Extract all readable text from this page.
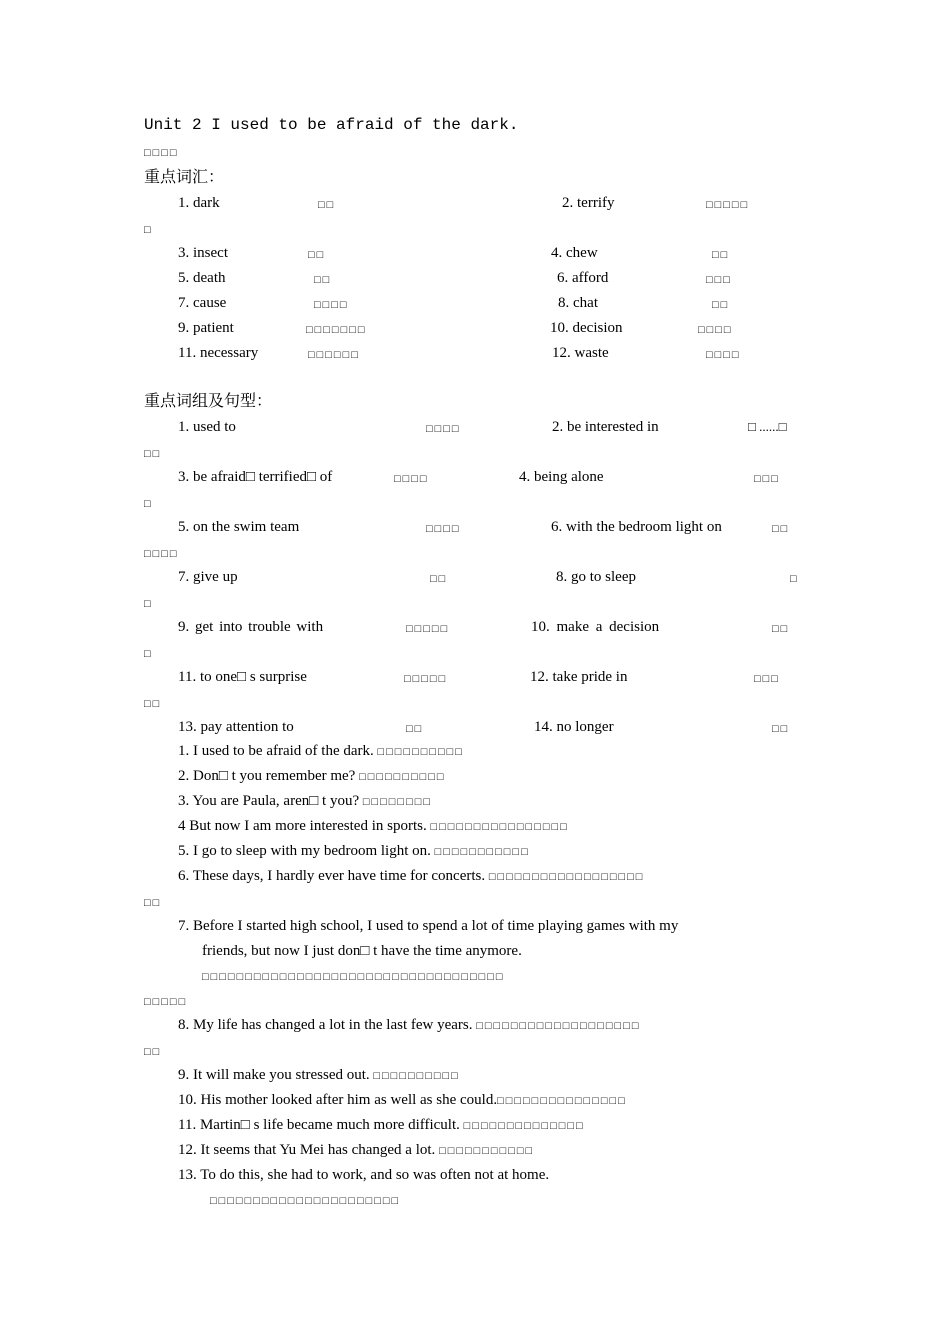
Unit 2 I used to be afraid of the dark.
□□□□
重点词汇：
1. dark	□□	2. terrify	□□□□□
□
3. insect	□□	4. chew	□□
5. death	□□	6. afford	□□□
7. cause	□□□□	8. chat	□□
9. patient	□□□□□□□	10. decision	□□□□
11. necessary	□□□□□□	12. waste	□□□□
重点词组及句型：
1. used to	□□□□	2. be interested in	□ ......□
□□
3. be afraid□ terrified□ of	□□□□	4. being alone	□□□
□
5. on the swim team	□□□□	6. with the bedroom light on	□□
□□□□
7. give up	□□	8. go to sleep	□
□
9. get into trouble with	□□□□□	10. make a decision	□□
□
11. to one□ s surprise	□□□□□	12. take pride in	□□□
□□
13. pay attention to	□□	14. no longer	□□
1. I used to be afraid of the dark. □□□□□□□□□□
2. Don□ t you remember me? □□□□□□□□□□
3. You are Paula, aren□ t you? □□□□□□□□
4 But now I am more interested in sports. □□□□□□□□□□□□□□□□
5. I go to sleep with my bedroom light on. □□□□□□□□□□□
6. These days, I hardly ever have time for concerts. □□□□□□□□□□□□□□□□□□
□□
7. Before I started high school, I used to spend a lot of time playing games with my
friends, but now I just don□ t have the time anymore.
□□□□□□□□□□□□□□□□□□□□□□□□□□□□□□□□□□□
□□□□□
8. My life has changed a lot in the last few years. □□□□□□□□□□□□□□□□□□□
□□
9. It will make you stressed out. □□□□□□□□□□
10. His mother looked after him as well as she could.□□□□□□□□□□□□□□□
11. Martin□ s life became much more difficult. □□□□□□□□□□□□□□
12. It seems that Yu Mei has changed a lot. □□□□□□□□□□□
13. To do this, she had to work, and so was often not at home.
□□□□□□□□□□□□□□□□□□□□□□
